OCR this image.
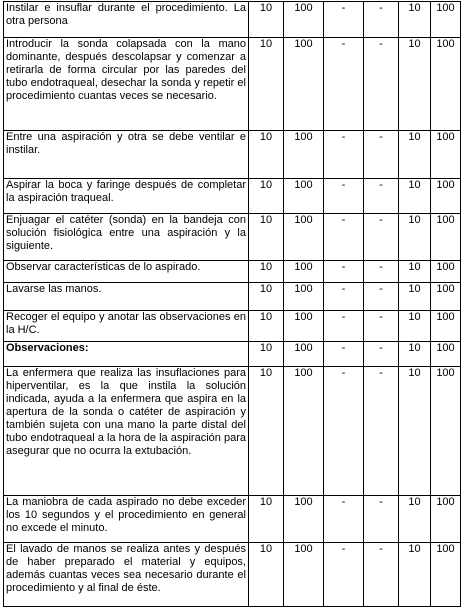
Instilar e insuflar durante el procedimiento. La otra persona	10	100	-	-	10	100
Introducir la sonda colapsada con la mano dominante, después descolapsar y comenzar a retirarla de forma circular por las paredes del tubo endotraqueal, desechar la sonda y repetir el procedimiento cuantas veces se necesario.	10	100	-	-	10	100
Entre una aspiración y otra se debe ventilar e instilar.	10	100	-	-	10	100
Aspirar la boca y faringe después de completar la aspiración traqueal.	10	100	-	-	10	100
Enjuagar el catéter (sonda) en la bandeja con solución fisiológica entre una aspiración y la siguiente.	10	100	-	-	10	100
Observar características de lo aspirado.	10	100	-	-	10	100
Lavarse las manos.	10	100	-	-	10	100
Recoger el equipo y anotar las observaciones en la H/C.	10	100	-	-	10	100
Observaciones:	10	100	-	-	10	100
La enfermera que realiza las insuflaciones para hiperventilar, es la que instila la solución indicada, ayuda a la enfermera que aspira en la apertura de la sonda o catéter de aspiración y también sujeta con una mano la parte distal del tubo endotraqueal a la hora de la aspiración para asegurar que no ocurra la extubación.	10	100	-	-	10	100
La maniobra de cada aspirado no debe exceder los 10 segundos y el procedimiento en general no excede el minuto.	10	100	-	-	10	100
El lavado de manos se realiza antes y después de haber preparado el material y equipos, además cuantas veces sea necesario durante el procedimiento y al final de éste.	10	100	-	-	10	100
